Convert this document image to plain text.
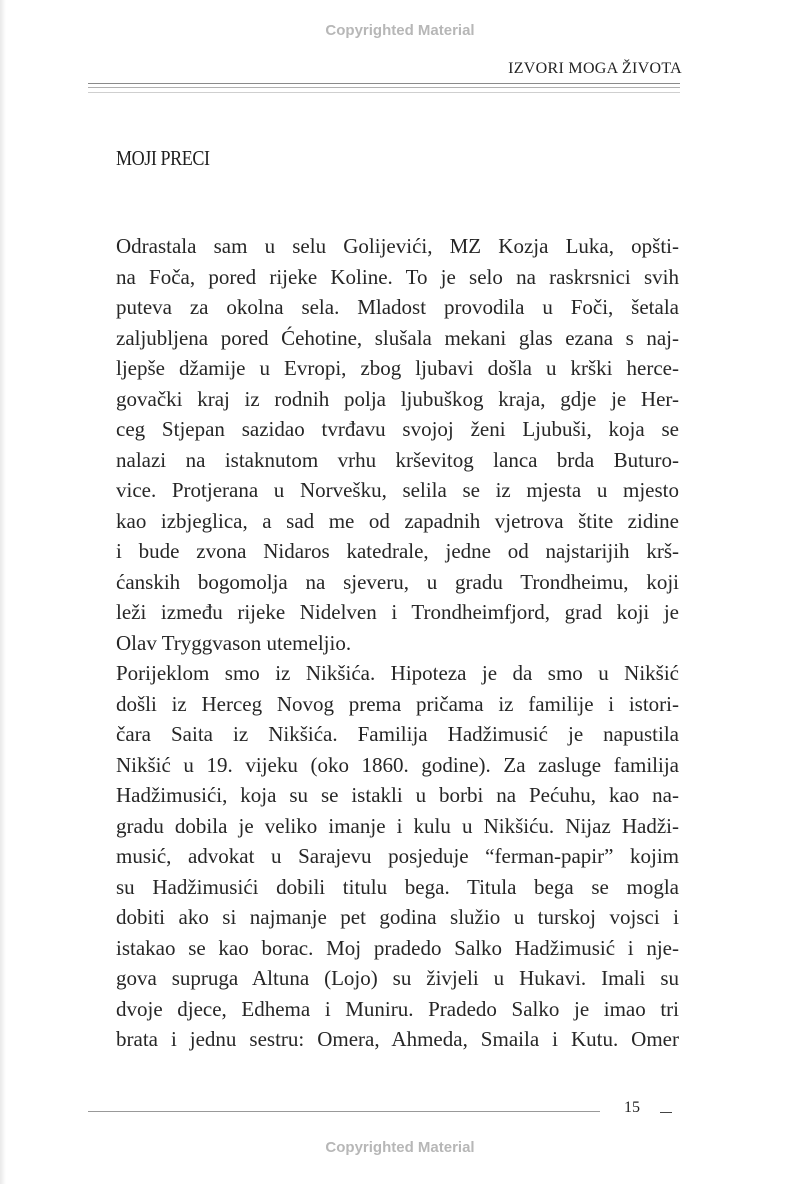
Copyrighted Material
IZVORI MOGA ŽIVOTA
MOJI PRECI
Odrastala sam u selu Golijevići, MZ Kozja Luka, opšti-
na Foča, pored rijeke Koline. To je selo na raskrsnici svih
puteva za okolna sela. Mladost provodila u Foči, šetala
zaljubljena pored Ćehotine, slušala mekani glas ezana s naj-
ljepše džamije u Evropi, zbog ljubavi došla u krški herce-
govački kraj iz rodnih polja ljubuškog kraja, gdje je Her-
ceg Stjepan sazidao tvrđavu svojoj ženi Ljubuši, koja se
nalazi na istaknutom vrhu krševitog lanca brda Buturo-
vice. Protjerana u Norvešku, selila se iz mjesta u mjesto
kao izbjeglica, a sad me od zapadnih vjetrova štite zidine
i bude zvona Nidaros katedrale, jedne od najstarijih krš-
ćanskih bogomolja na sjeveru, u gradu Trondheimu, koji
leži između rijeke Nidelven i Trondheimfjord, grad koji je
Olav Tryggvason utemeljio.
Porijeklom smo iz Nikšića. Hipoteza je da smo u Nikšić
došli iz Herceg Novog prema pričama iz familije i istori-
čara Saita iz Nikšića. Familija Hadžimusić je napustila
Nikšić u 19. vijeku (oko 1860. godine). Za zasluge familija
Hadžimusići, koja su se istakli u borbi na Pećuhu, kao na-
gradu dobila je veliko imanje i kulu u Nikšiću. Nijaz Hadži-
musić, advokat u Sarajevu posjeduje “ferman-papir” kojim
su Hadžimusići dobili titulu bega. Titula bega se mogla
dobiti ako si najmanje pet godina služio u turskoj vojsci i
istakao se kao borac. Moj pradedo Salko Hadžimusić i nje-
gova supruga Altuna (Lojo) su živjeli u Hukavi. Imali su
dvoje djece, Edhema i Muniru. Pradedo Salko je imao tri
brata i jednu sestru: Omera, Ahmeda, Smaila i Kutu. Omer
15
Copyrighted Material
